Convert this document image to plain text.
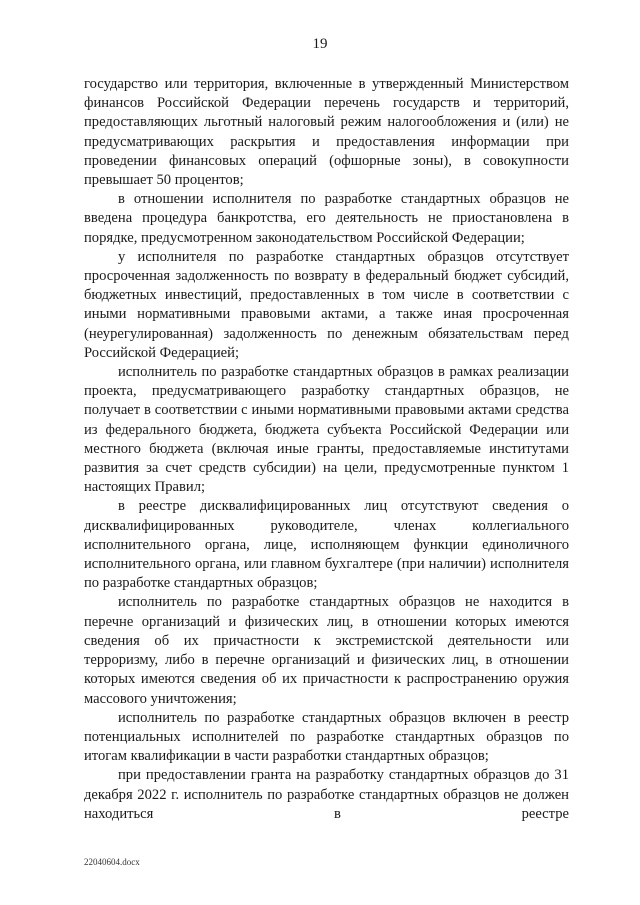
19

государство или территория, включенные в утвержденный Министерством финансов Российской Федерации перечень государств и территорий, предоставляющих льготный налоговый режим налогообложения и (или) не предусматривающих раскрытия и предоставления информации при проведении финансовых операций (офшорные зоны), в совокупности превышает 50 процентов;

в отношении исполнителя по разработке стандартных образцов не введена процедура банкротства, его деятельность не приостановлена в порядке, предусмотренном законодательством Российской Федерации;

у исполнителя по разработке стандартных образцов отсутствует просроченная задолженность по возврату в федеральный бюджет субсидий, бюджетных инвестиций, предоставленных в том числе в соответствии с иными нормативными правовыми актами, а также иная просроченная (неурегулированная) задолженность по денежным обязательствам перед Российской Федерацией;

исполнитель по разработке стандартных образцов в рамках реализации проекта, предусматривающего разработку стандартных образцов, не получает в соответствии с иными нормативными правовыми актами средства из федерального бюджета, бюджета субъекта Российской Федерации или местного бюджета (включая иные гранты, предоставляемые институтами развития за счет средств субсидии) на цели, предусмотренные пунктом 1 настоящих Правил;

в реестре дисквалифицированных лиц отсутствуют сведения о дисквалифицированных руководителе, членах коллегиального исполнительного органа, лице, исполняющем функции единоличного исполнительного органа, или главном бухгалтере (при наличии) исполнителя по разработке стандартных образцов;

исполнитель по разработке стандартных образцов не находится в перечне организаций и физических лиц, в отношении которых имеются сведения об их причастности к экстремистской деятельности или терроризму, либо в перечне организаций и физических лиц, в отношении которых имеются сведения об их причастности к распространению оружия массового уничтожения;

исполнитель по разработке стандартных образцов включен в реестр потенциальных исполнителей по разработке стандартных образцов по итогам квалификации в части разработки стандартных образцов;

при предоставлении гранта на разработку стандартных образцов до 31 декабря 2022 г. исполнитель по разработке стандартных образцов не должен находиться в реестре

22040604.docx
